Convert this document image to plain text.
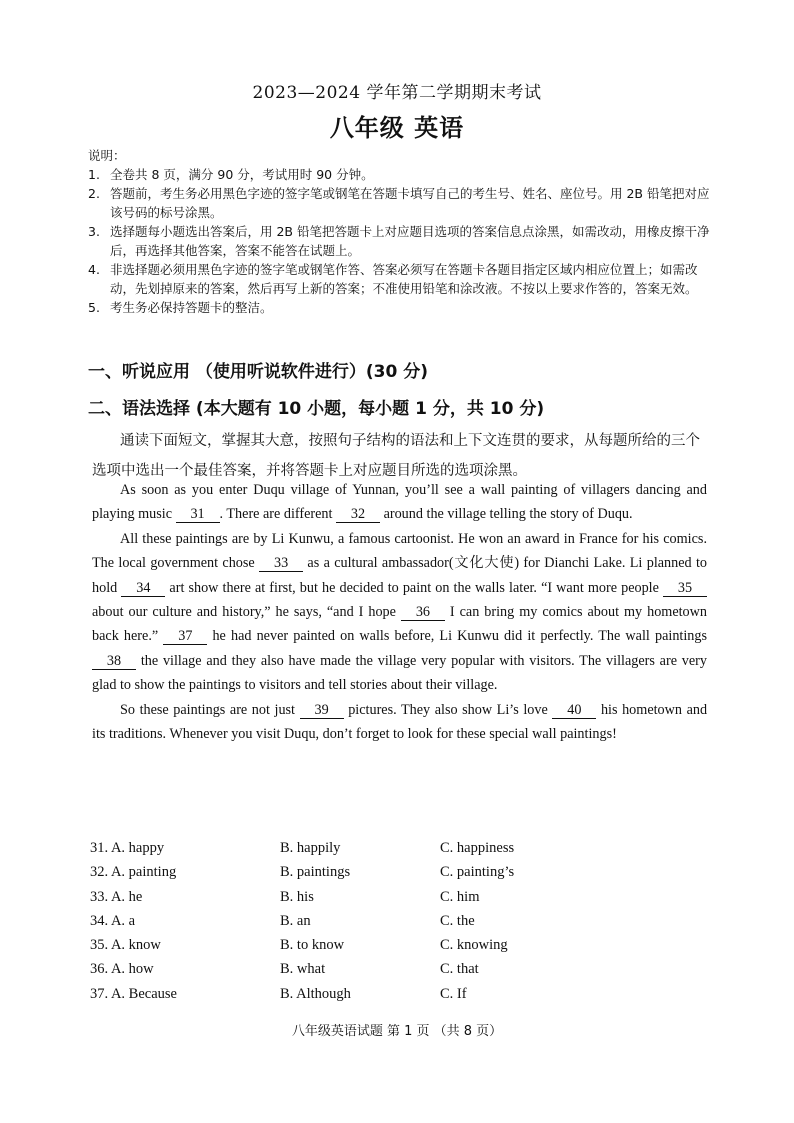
2023—2024 学年第二学期期末考试
八年级 英语
说明：
1. 全卷共 8 页，满分 90 分，考试用时 90 分钟。
2. 答题前，考生务必用黑色字迹的签字笔或钢笔在答题卡填写自己的考生号、姓名、座位号。用 2B 铅笔把对应该号码的标号涂黑。
3. 选择题每小题选出答案后，用 2B 铅笔把答题卡上对应题目选项的答案信息点涂黑，如需改动，用橡皮擦干净后，再选择其他答案，答案不能答在试题上。
4. 非选择题必须用黑色字迹的签字笔或钢笔作答、答案必须写在答题卡各题目指定区域内相应位置上；如需改动，先划掉原来的答案，然后再写上新的答案；不准使用铅笔和涂改液。不按以上要求作答的，答案无效。
5. 考生务必保持答题卡的整洁。
一、听说应用 （使用听说软件进行）(30 分)
二、语法选择 (本大题有 10 小题，每小题 1 分，共 10 分)
通读下面短文，掌握其大意，按照句子结构的语法和上下文连贯的要求，从每题所给的三个选项中选出一个最佳答案，并将答题卡上对应题目所选的选项涂黑。

As soon as you enter Duqu village of Yunnan, you’ll see a wall painting of villagers dancing and playing music 31 . There are different 32 around the village telling the story of Duqu.

All these paintings are by Li Kunwu, a famous cartoonist. He won an award in France for his comics. The local government chose 33 as a cultural ambassador(文化大使) for Dianchi Lake. Li planned to hold 34 art show there at first, but he decided to paint on the walls later. “I want more people 35 about our culture and history,” he says, “and I hope 36 I can bring my comics about my hometown back here.” 37 he had never painted on walls before, Li Kunwu did it perfectly. The wall paintings 38 the village and they also have made the village very popular with visitors. The villagers are very glad to show the paintings to visitors and tell stories about their village.

So these paintings are not just 39 pictures. They also show Li’s love 40 his hometown and its traditions. Whenever you visit Duqu, don’t forget to look for these special wall paintings!

31. A. happy	B. happily	C. happiness
32. A. painting	B. paintings	C. painting’s
33. A. he	B. his	C. him
34. A. a	B. an	C. the
35. A. know	B. to know	C. knowing
36. A. how	B. what	C. that
37. A. Because	B. Although	C. If
八年级英语试题 第 1 页 （共 8 页）
